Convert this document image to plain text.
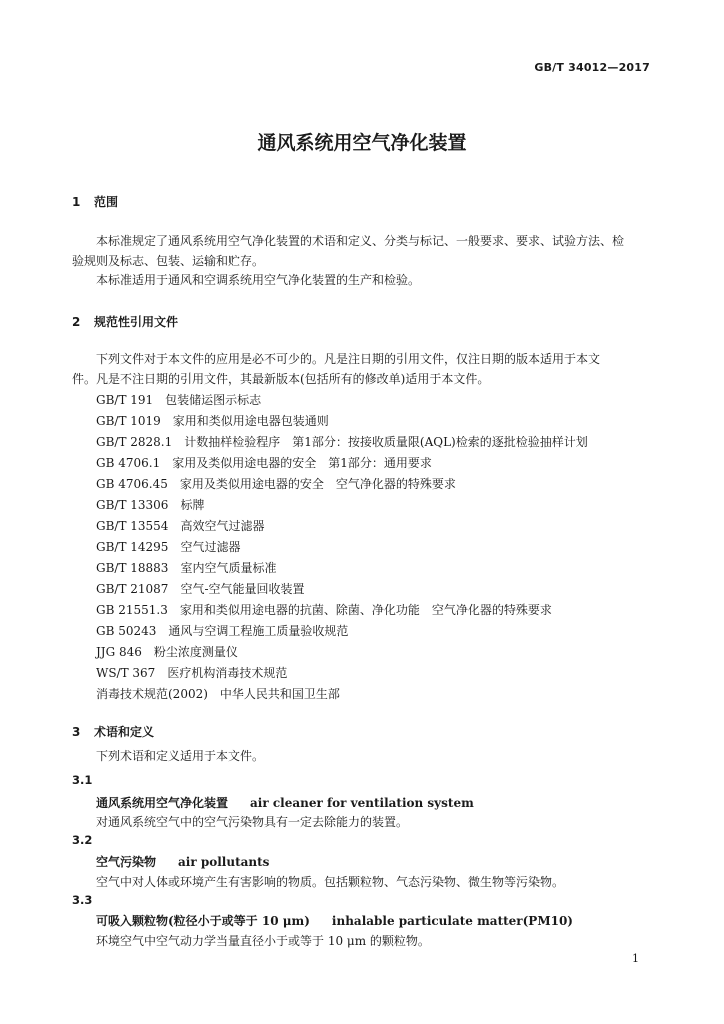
GB/T 34012—2017
通风系统用空气净化装置
1 范围
本标准规定了通风系统用空气净化装置的术语和定义、分类与标记、一般要求、要求、试验方法、检
验规则及标志、包装、运输和贮存。
本标准适用于通风和空调系统用空气净化装置的生产和检验。
2 规范性引用文件
下列文件对于本文件的应用是必不可少的。凡是注日期的引用文件，仅注日期的版本适用于本文
件。凡是不注日期的引用文件，其最新版本(包括所有的修改单)适用于本文件。
GB/T 191　包装储运图示标志
GB/T 1019　家用和类似用途电器包装通则
GB/T 2828.1　计数抽样检验程序　第1部分：按接收质量限(AQL)检索的逐批检验抽样计划
GB 4706.1　家用及类似用途电器的安全　第1部分：通用要求
GB 4706.45　家用及类似用途电器的安全　空气净化器的特殊要求
GB/T 13306　标牌
GB/T 13554　高效空气过滤器
GB/T 14295　空气过滤器
GB/T 18883　室内空气质量标准
GB/T 21087　空气-空气能量回收装置
GB 21551.3　家用和类似用途电器的抗菌、除菌、净化功能　空气净化器的特殊要求
GB 50243　通风与空调工程施工质量验收规范
JJG 846　粉尘浓度测量仪
WS/T 367　医疗机构消毒技术规范
消毒技术规范(2002)　中华人民共和国卫生部
3 术语和定义
下列术语和定义适用于本文件。
3.1
通风系统用空气净化装置 air cleaner for ventilation system
对通风系统空气中的空气污染物具有一定去除能力的装置。
3.2
空气污染物 air pollutants
空气中对人体或环境产生有害影响的物质。包括颗粒物、气态污染物、微生物等污染物。
3.3
可吸入颗粒物(粒径小于或等于 10 μm) inhalable particulate matter(PM10)
环境空气中空气动力学当量直径小于或等于 10 μm 的颗粒物。
1
